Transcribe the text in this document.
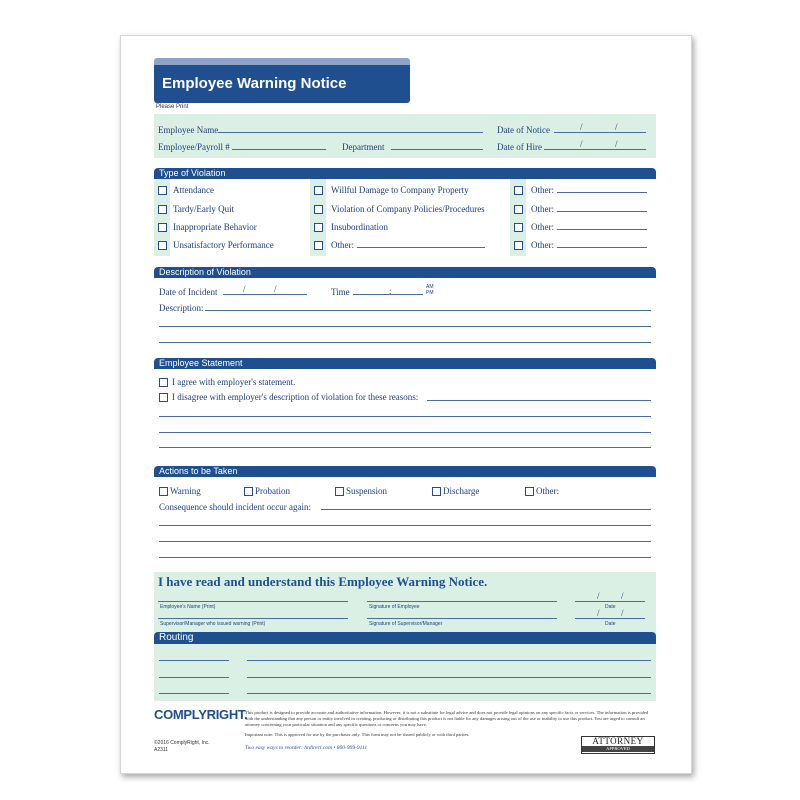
Employee Warning Notice
Please Print
Employee Name	Date of Notice	/	/
Employee/Payroll #	Department	Date of Hire	/	/
Type of Violation
Attendance
Tardy/Early Quit
Inappropriate Behavior
Unsatisfactory Performance
Willful Damage to Company Property
Violation of Company Policies/Procedures
Insubordination
Other:
Other:
Other:
Other:
Other:
Description of Violation
Date of Incident	/	/	Time	:	AM
PM
Description:
Employee Statement
I agree with employer's statement.
I disagree with employer's description of violation for these reasons:
Actions to be Taken
Warning	Probation	Suspension	Discharge	Other:
Consequence should incident occur again:
I have read and understand this Employee Warning Notice.
Employee's Name (Print)	Signature of Employee
/ /
Date
Supervisor/Manager who issued warning (Print)	Signature of Supervisor/Manager
/ /
Date
Routing
COMPLYRIGHT.
©2016 ComplyRight, Inc.
A2311
This product is designed to provide accurate and authoritative information. However, it is not a substitute for legal advice and does not provide legal opinions on any specific facts or services. The information is provided with the understanding that any person or entity involved in creating, producing or distributing this product is not liable for any damages arising out of the use or inability to use this product. You are urged to consult an attorney concerning your particular situation and any specific questions or concerns you may have.
Important note: This is approved for use by the purchaser only. This form may not be shared publicly or with third parties.
Two easy ways to reorder: hrdirect.com • 800-999-9111
ATTORNEY
APPROVED
